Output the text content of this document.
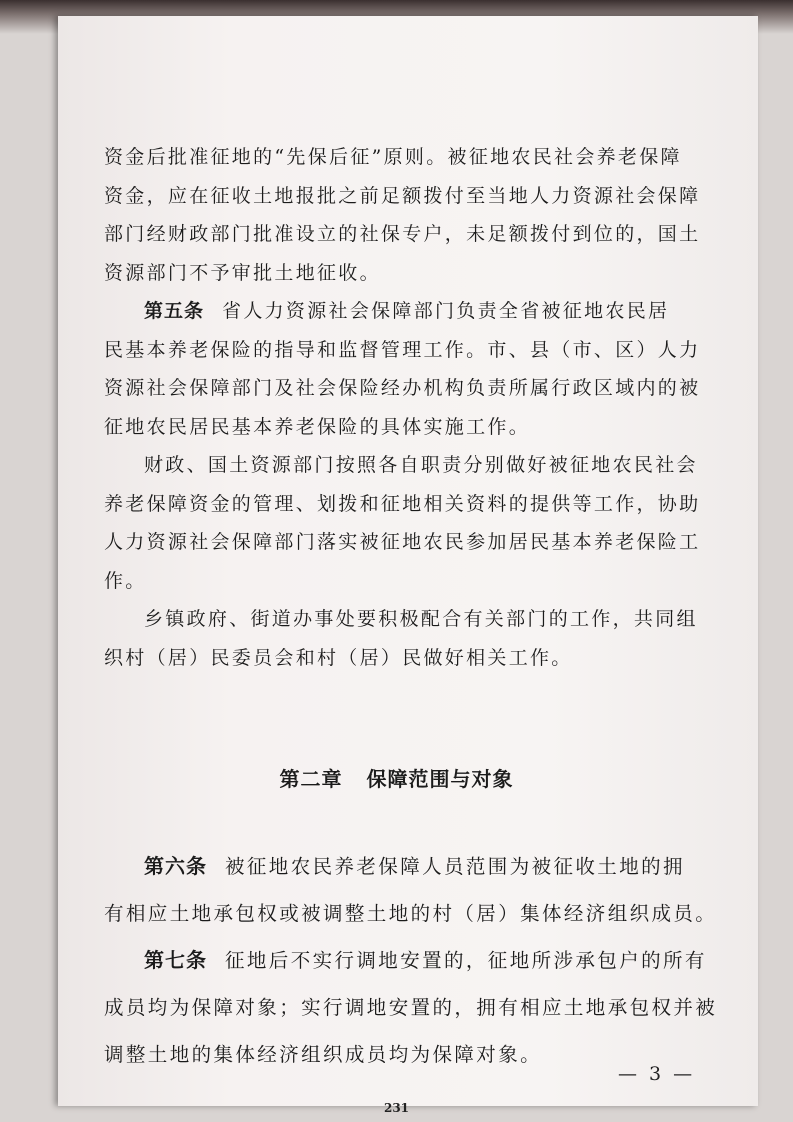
资金后批准征地的“先保后征”原则。被征地农民社会养老保障
资金，应在征收土地报批之前足额拨付至当地人力资源社会保障
部门经财政部门批准设立的社保专户，未足额拨付到位的，国土
资源部门不予审批土地征收。
第五条 省人力资源社会保障部门负责全省被征地农民居
民基本养老保险的指导和监督管理工作。市、县（市、区）人力
资源社会保障部门及社会保险经办机构负责所属行政区域内的被
征地农民居民基本养老保险的具体实施工作。
财政、国土资源部门按照各自职责分别做好被征地农民社会
养老保障资金的管理、划拨和征地相关资料的提供等工作，协助
人力资源社会保障部门落实被征地农民参加居民基本养老保险工
作。
乡镇政府、街道办事处要积极配合有关部门的工作，共同组
织村（居）民委员会和村（居）民做好相关工作。
第二章 保障范围与对象
第六条 被征地农民养老保障人员范围为被征收土地的拥
有相应土地承包权或被调整土地的村（居）集体经济组织成员。
第七条 征地后不实行调地安置的，征地所涉承包户的所有
成员均为保障对象；实行调地安置的，拥有相应土地承包权并被
调整土地的集体经济组织成员均为保障对象。
— 3 —
231
